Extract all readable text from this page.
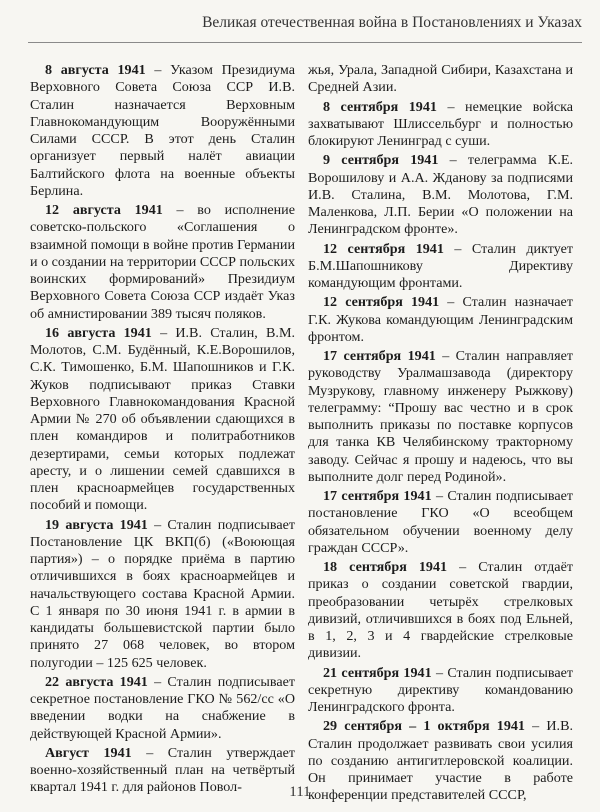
Великая отечественная война в Постановлениях и Указах

8 августа 1941 – Указом Президиума Верховного Совета Союза ССР И.В. Сталин назначается Верховным Главнокомандующим Вооружёнными Силами СССР. В этот день Сталин организует первый налёт авиации Балтийского флота на военные объекты Берлина.

12 августа 1941 – во исполнение советско-польского «Соглашения о взаимной помощи в войне против Германии и о создании на территории СССР польских воинских формирований» Президиум Верховного Совета Союза ССР издаёт Указ об амнистировании 389 тысяч поляков.

16 августа 1941 – И.В. Сталин, В.М. Молотов, С.М. Будённый, К.Е.Ворошилов, С.К. Тимошенко, Б.М. Шапошников и Г.К. Жуков подписывают приказ Ставки Верховного Главнокомандования Красной Армии № 270 об объявлении сдающихся в плен командиров и политработников дезертирами, семьи которых подлежат аресту, и о лишении семей сдавшихся в плен красноармейцев государственных пособий и помощи.

19 августа 1941 – Сталин подписывает Постановление ЦК ВКП(б) («Воюющая партия») – о порядке приёма в партию отличившихся в боях красноармейцев и начальствующего состава Красной Армии. С 1 января по 30 июня 1941 г. в армии в кандидаты большевистской партии было принято 27 068 человек, во втором полугодии – 125 625 человек.

22 августа 1941 – Сталин подписывает секретное постановление ГКО № 562/сс «О введении водки на снабжение в действующей Красной Армии».

Август 1941 – Сталин утверждает военно-хозяйственный план на четвёртый квартал 1941 г. для районов Повол-

жья, Урала, Западной Сибири, Казахстана и Средней Азии.

8 сентября 1941 – немецкие войска захватывают Шлиссельбург и полностью блокируют Ленинград с суши.

9 сентября 1941 – телеграмма К.Е. Ворошилову и А.А. Жданову за подписями И.В. Сталина, В.М. Молотова, Г.М. Маленкова, Л.П. Берии «О положении на Ленинградском фронте».

12 сентября 1941 – Сталин диктует Б.М.Шапошникову Директиву командующим фронтами.

12 сентября 1941 – Сталин назначает Г.К. Жукова командующим Ленинградским фронтом.

17 сентября 1941 – Сталин направляет руководству Уралмашзавода (директору Музрукову, главному инженеру Рыжкову) телеграмму: “Прошу вас честно и в срок выполнить приказы по поставке корпусов для танка КВ Челябинскому тракторному заводу. Сейчас я прошу и надеюсь, что вы выполните долг перед Родиной».

17 сентября 1941 – Сталин подписывает постановление ГКО «О всеобщем обязательном обучении военному делу граждан СССР».

18 сентября 1941 – Сталин отдаёт приказ о создании советской гвардии, преобразовании четырёх стрелковых дивизий, отличившихся в боях под Ельней, в 1, 2, 3 и 4 гвардейские стрелковые дивизии.

21 сентября 1941 – Сталин подписывает секретную директиву командованию Ленинградского фронта.

29 сентября – 1 октября 1941 – И.В. Сталин продолжает развивать свои усилия по созданию антигитлеровской коалиции. Он принимает участие в работе конференции представителей СССР,

111
